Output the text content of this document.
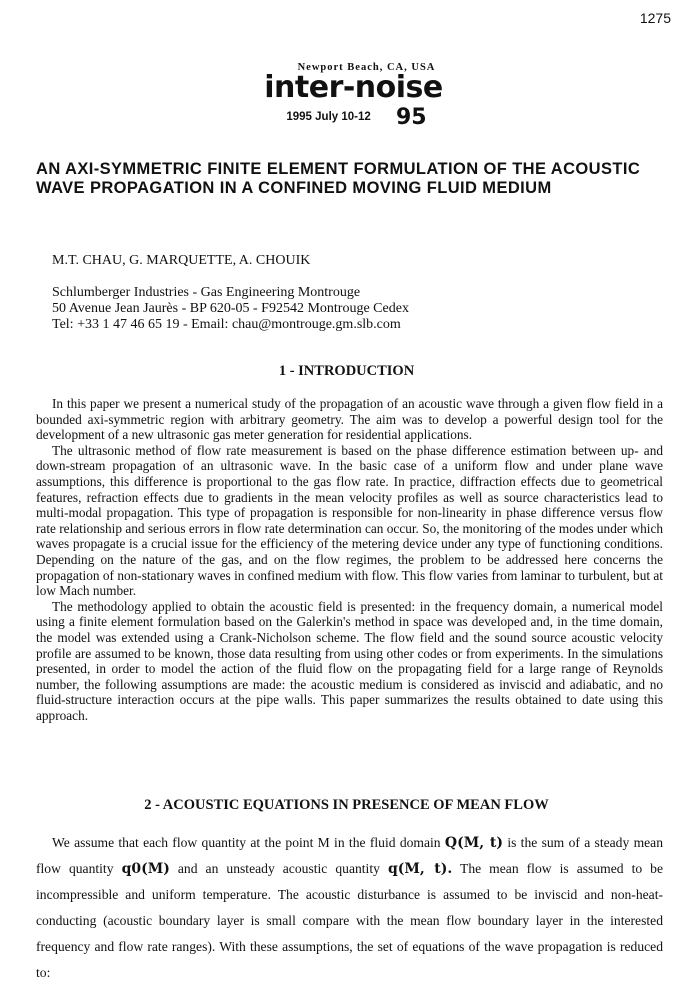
1275
Newport Beach, CA, USA
inter-noise
1995 July 10-12 95
AN AXI-SYMMETRIC FINITE ELEMENT FORMULATION OF THE ACOUSTIC WAVE PROPAGATION IN A CONFINED MOVING FLUID MEDIUM
M.T. CHAU, G. MARQUETTE, A. CHOUIK
Schlumberger Industries - Gas Engineering Montrouge
50 Avenue Jean Jaurès - BP 620-05 - F92542 Montrouge Cedex
Tel: +33 1 47 46 65 19 - Email: chau@montrouge.gm.slb.com
1 - INTRODUCTION

In this paper we present a numerical study of the propagation of an acoustic wave through a given flow field in a bounded axi-symmetric region with arbitrary geometry. The aim was to develop a powerful design tool for the development of a new ultrasonic gas meter generation for residential applications.

The ultrasonic method of flow rate measurement is based on the phase difference estimation between up- and down-stream propagation of an ultrasonic wave. In the basic case of a uniform flow and under plane wave assumptions, this difference is proportional to the gas flow rate. In practice, diffraction effects due to geometrical features, refraction effects due to gradients in the mean velocity profiles as well as source characteristics lead to multi-modal propagation. This type of propagation is responsible for non-linearity in phase difference versus flow rate relationship and serious errors in flow rate determination can occur. So, the monitoring of the modes under which waves propagate is a crucial issue for the efficiency of the metering device under any type of functioning conditions. Depending on the nature of the gas, and on the flow regimes, the problem to be addressed here concerns the propagation of non-stationary waves in confined medium with flow. This flow varies from laminar to turbulent, but at low Mach number.

The methodology applied to obtain the acoustic field is presented: in the frequency domain, a numerical model using a finite element formulation based on the Galerkin's method in space was developed and, in the time domain, the model was extended using a Crank-Nicholson scheme. The flow field and the sound source acoustic velocity profile are assumed to be known, those data resulting from using other codes or from experiments. In the simulations presented, in order to model the action of the fluid flow on the propagating field for a large range of Reynolds number, the following assumptions are made: the acoustic medium is considered as inviscid and adiabatic, and no fluid-structure interaction occurs at the pipe walls. This paper summarizes the results obtained to date using this approach.

2 - ACOUSTIC EQUATIONS IN PRESENCE OF MEAN FLOW

We assume that each flow quantity at the point M in the fluid domain Q(M, t) is the sum of a steady mean flow quantity q0(M) and an unsteady acoustic quantity q(M, t). The mean flow is assumed to be incompressible and uniform temperature. The acoustic disturbance is assumed to be inviscid and non-heat-conducting (acoustic boundary layer is small compare with the mean flow boundary layer in the interested frequency and flow rate ranges). With these assumptions, the set of equations of the wave propagation is reduced to:
